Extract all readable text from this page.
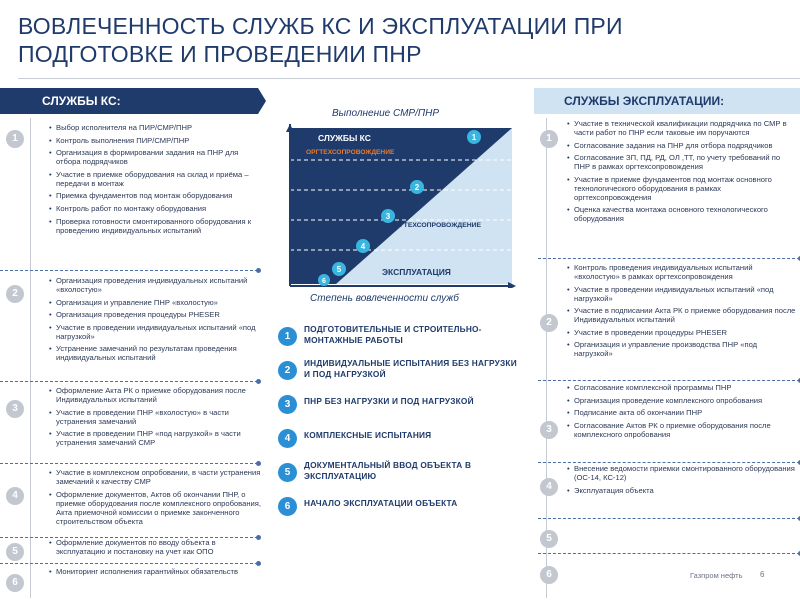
ВОВЛЕЧЕННОСТЬ СЛУЖБ КС И ЭКСПЛУАТАЦИИ ПРИ ПОДГОТОВКЕ И ПРОВЕДЕНИИ ПНР
СЛУЖБЫ КС:	СЛУЖБЫ ЭКСПЛУАТАЦИИ:
1
• Выбор исполнителя на ПИР/СМР/ПНР
• Контроль выполнения ПИР/СМР/ПНР
• Организация в формировании задания на ПНР для отбора подрядчиков
• Участие в приемке оборудования на склад и приёма – передачи в монтаж
• Приемка фундаментов под монтаж оборудования
• Контроль работ по монтажу оборудования
• Проверка готовности смонтированного оборудования к проведению индивидуальных испытаний
2
• Организация проведения индивидуальных испытаний «вхолостую»
• Организация и управление ПНР «вхолостую»
• Организация проведения процедуры PHESER
• Участие в проведении индивидуальных испытаний «под нагрузкой»
• Устранение замечаний по результатам проведения индивидуальных испытаний
3
• Оформление Акта РК о приемке оборудования после Индивидуальных испытаний
• Участие в проведении ПНР «вхолостую» в части устранения замечаний
• Участие в проведении ПНР «под нагрузкой» в части устранения замечаний СМР
4
• Участие в комплексном опробовании, в части устранения замечаний к качеству СМР
• Оформление документов, Актов об окончании ПНР, о приемке оборудования после комплексного опробования, Акта приемочной комиссии о приемке законченного строительством объекта
5
• Оформление документов по вводу объекта в эксплуатацию и постановку на учет как ОПО
6
• Мониторинг исполнения гарантийных обязательств
Выполнение СМР/ПНР
СЛУЖБЫ КС
ОРГТЕХСОПРОВОЖДЕНИЕ
ОРГТЕХСОПРОВОЖДЕНИЕ
ЭКСПЛУАТАЦИЯ
1
2
3
4
5
6
Степень вовлеченности служб
1
ПОДГОТОВИТЕЛЬНЫЕ И СТРОИТЕЛЬНО-МОНТАЖНЫЕ РАБОТЫ
2
ИНДИВИДУАЛЬНЫЕ ИСПЫТАНИЯ БЕЗ НАГРУЗКИ И ПОД НАГРУЗКОЙ
3	ПНР БЕЗ НАГРУЗКИ И ПОД НАГРУЗКОЙ
4	КОМПЛЕКСНЫЕ ИСПЫТАНИЯ
5
ДОКУМЕНТАЛЬНЫЙ ВВОД ОБЪЕКТА В ЭКСПЛУАТАЦИЮ
6	НАЧАЛО ЭКСПЛУАТАЦИИ ОБЪЕКТА
1
• Участие в технической квалификации подрядчика по СМР в части работ по ПНР если таковые им поручаются
• Согласование задания на ПНР для отбора подрядчиков
• Согласование ЗП, ПД, РД, ОЛ ,ТТ, по учету требований по ПНР в рамках оргтехсопровождения
• Участие в приемке фундаментов под монтаж основного технологического оборудования в рамках оргтехсопровождения
• Оценка качества монтажа основного технологического оборудования
2
• Контроль проведения индивидуальных испытаний «вхолостую» в рамках оргтехсопровождения
• Участие в проведении индивидуальных испытаний «под нагрузкой»
• Участие в подписании Акта РК о приемке оборудования после Индивидуальных испытаний
• Участие в проведении процедуры PHESER
• Организация и управление производства ПНР «под нагрузкой»
3
• Согласование комплексной программы ПНР
• Организация проведение комплексного опробования
• Подписание акта об окончании ПНР
• Согласование Актов РК о приемке оборудования после комплексного опробования
4
• Внесение ведомости приемки смонтированного оборудования (ОС-14, КС-12)
• Эксплуатация объекта
5
6	Газпром нефть 6
